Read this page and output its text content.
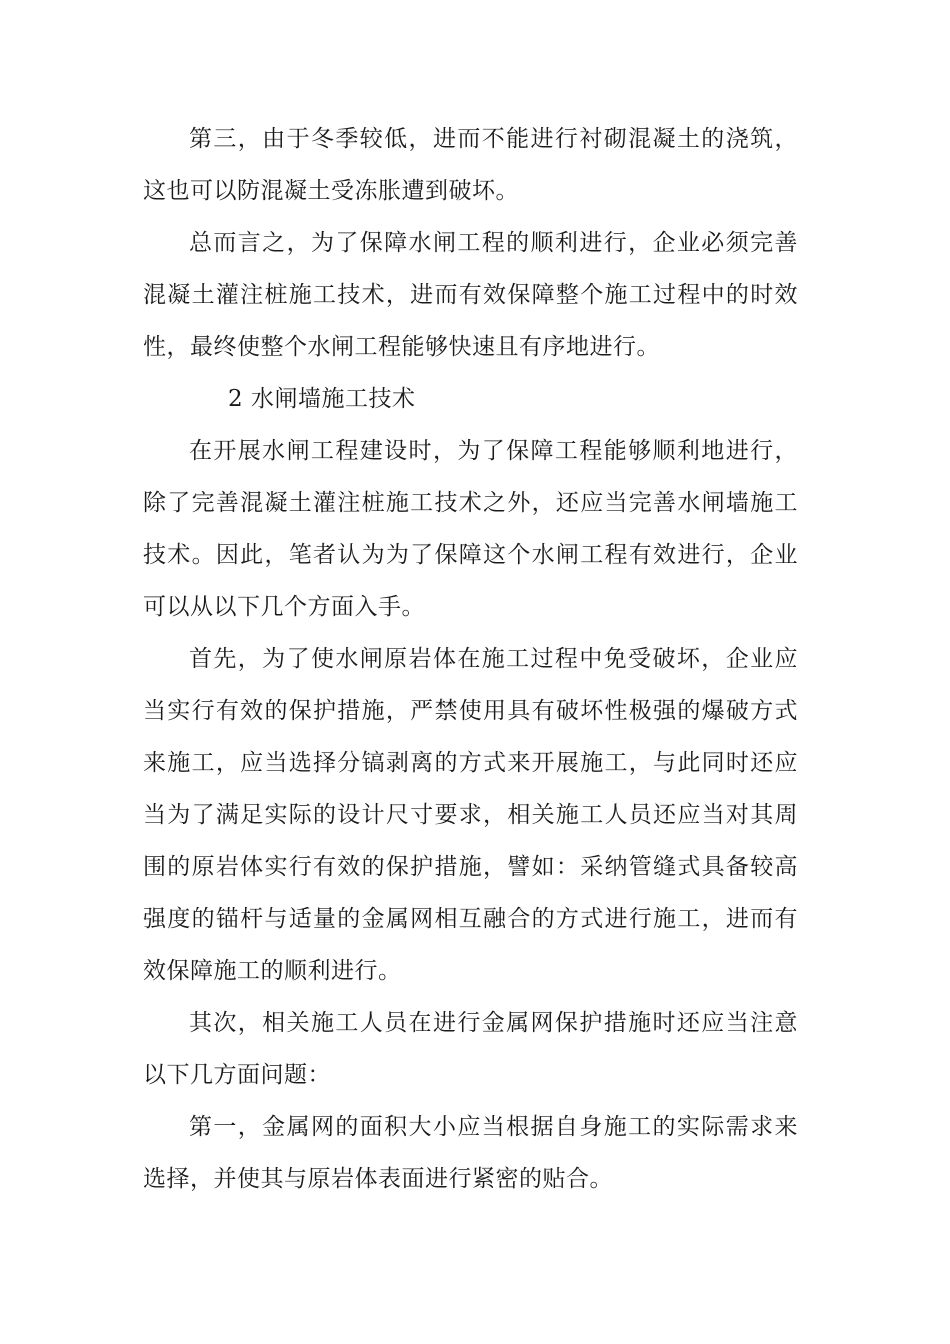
第三，由于冬季较低，进而不能进行衬砌混凝土的浇筑，这也可以防混凝土受冻胀遭到破坏。

总而言之，为了保障水闸工程的顺利进行，企业必须完善混凝土灌注桩施工技术，进而有效保障整个施工过程中的时效性，最终使整个水闸工程能够快速且有序地进行。

2 水闸墙施工技术

在开展水闸工程建设时，为了保障工程能够顺利地进行，除了完善混凝土灌注桩施工技术之外，还应当完善水闸墙施工技术。因此，笔者认为为了保障这个水闸工程有效进行，企业可以从以下几个方面入手。

首先，为了使水闸原岩体在施工过程中免受破坏，企业应当实行有效的保护措施，严禁使用具有破坏性极强的爆破方式来施工，应当选择分镐剥离的方式来开展施工，与此同时还应当为了满足实际的设计尺寸要求，相关施工人员还应当对其周围的原岩体实行有效的保护措施，譬如：采纳管缝式具备较高强度的锚杆与适量的金属网相互融合的方式进行施工，进而有效保障施工的顺利进行。

其次，相关施工人员在进行金属网保护措施时还应当注意以下几方面问题：

第一，金属网的面积大小应当根据自身施工的实际需求来选择，并使其与原岩体表面进行紧密的贴合。
